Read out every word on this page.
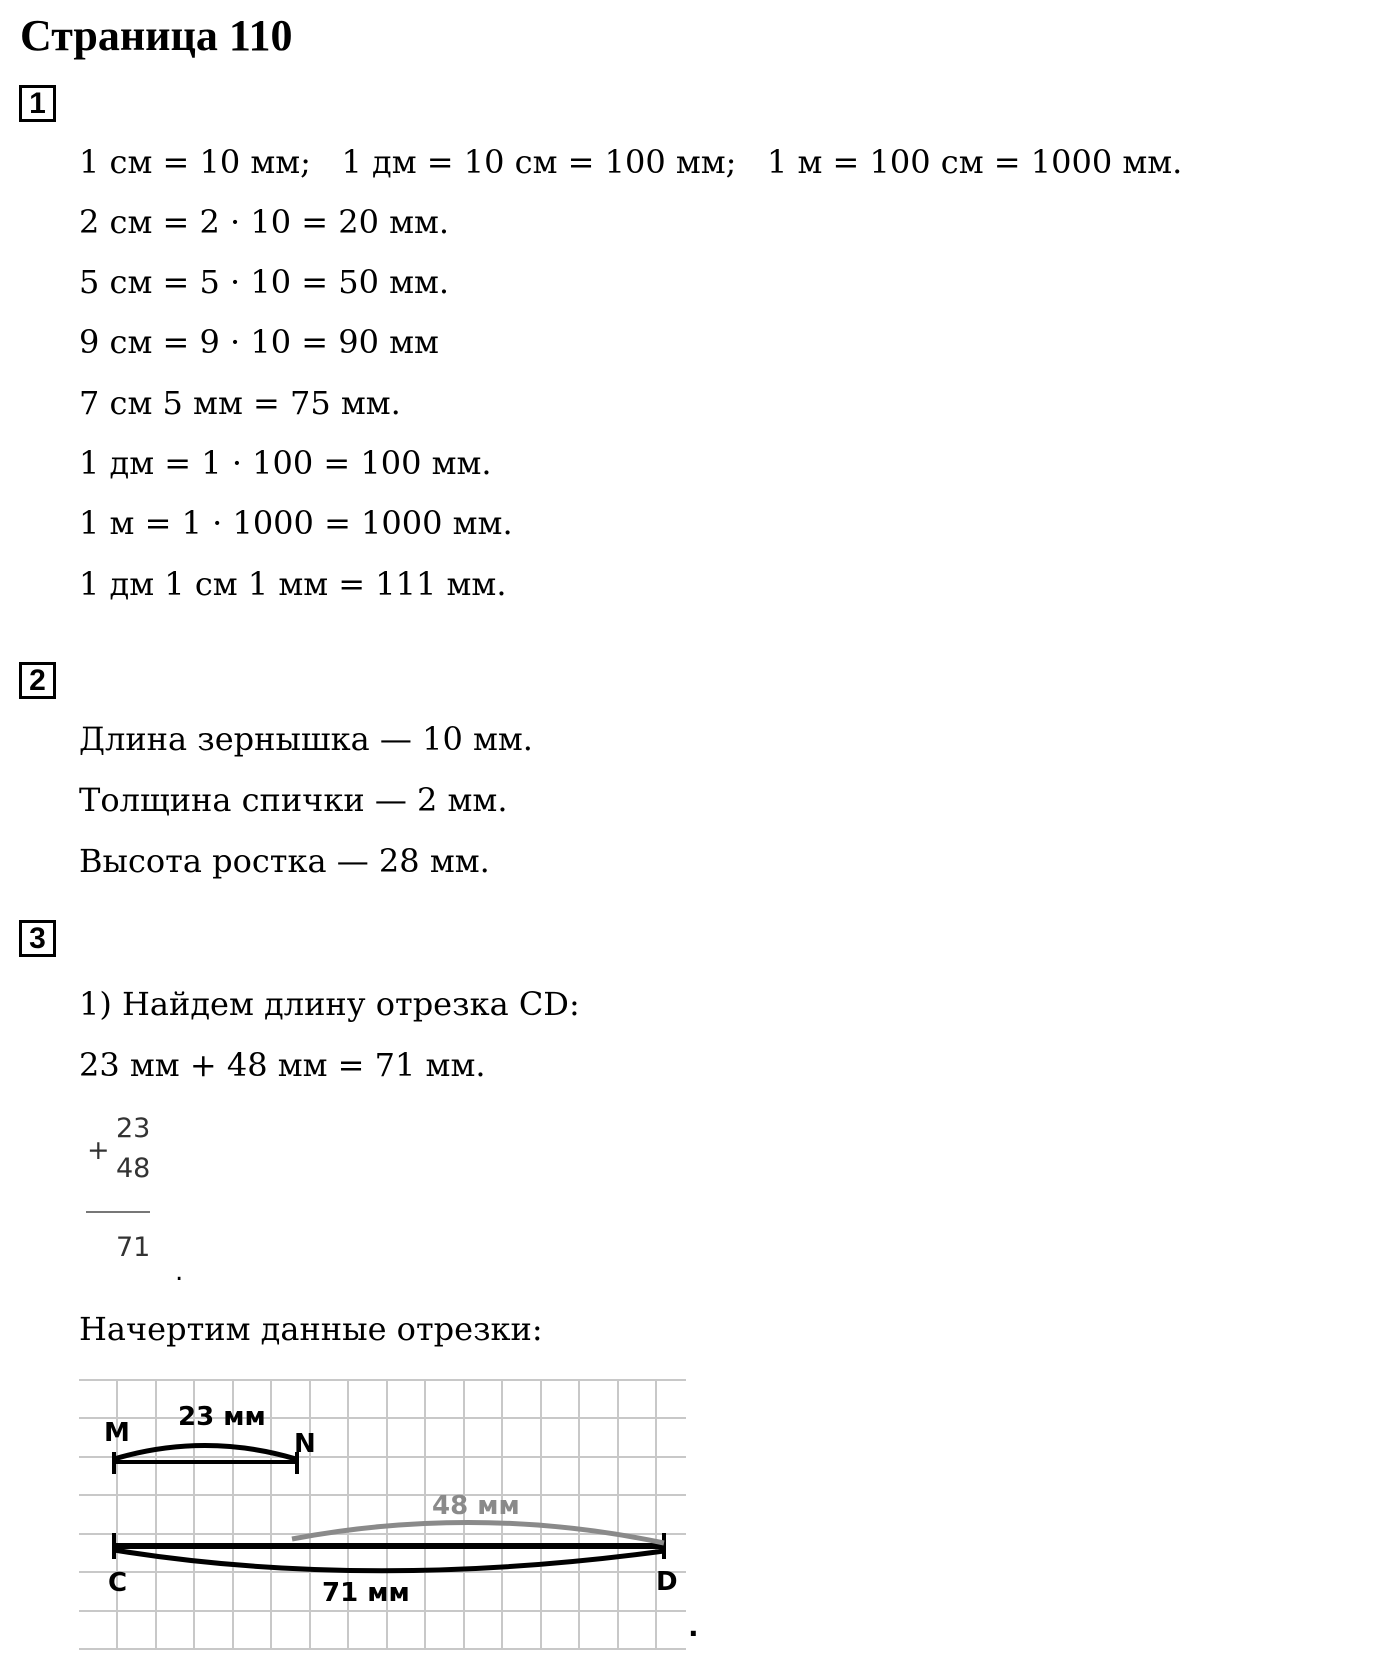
Страница 110
1
1 см = 10 мм;   1 дм = 10 см = 100 мм;   1 м = 100 см = 1000 мм.
2 см = 2 · 10 = 20 мм.
5 см = 5 · 10 = 50 мм.
9 см = 9 · 10 = 90 мм
7 см 5 мм = 75 мм.
1 дм = 1 · 100 = 100 мм.
1 м = 1 · 1000 = 1000 мм.
1 дм 1 см 1 мм = 111 мм.
2
Длина зернышка — 10 мм.
Толщина спички — 2 мм.
Высота ростка — 28 мм.
3
1) Найдем длину отрезка CD:
23 мм + 48 мм = 71 мм.
+
23
48
71
.
Начертим данные отрезки:
M	N
C	D
23 мм
48 мм
71 мм
.
